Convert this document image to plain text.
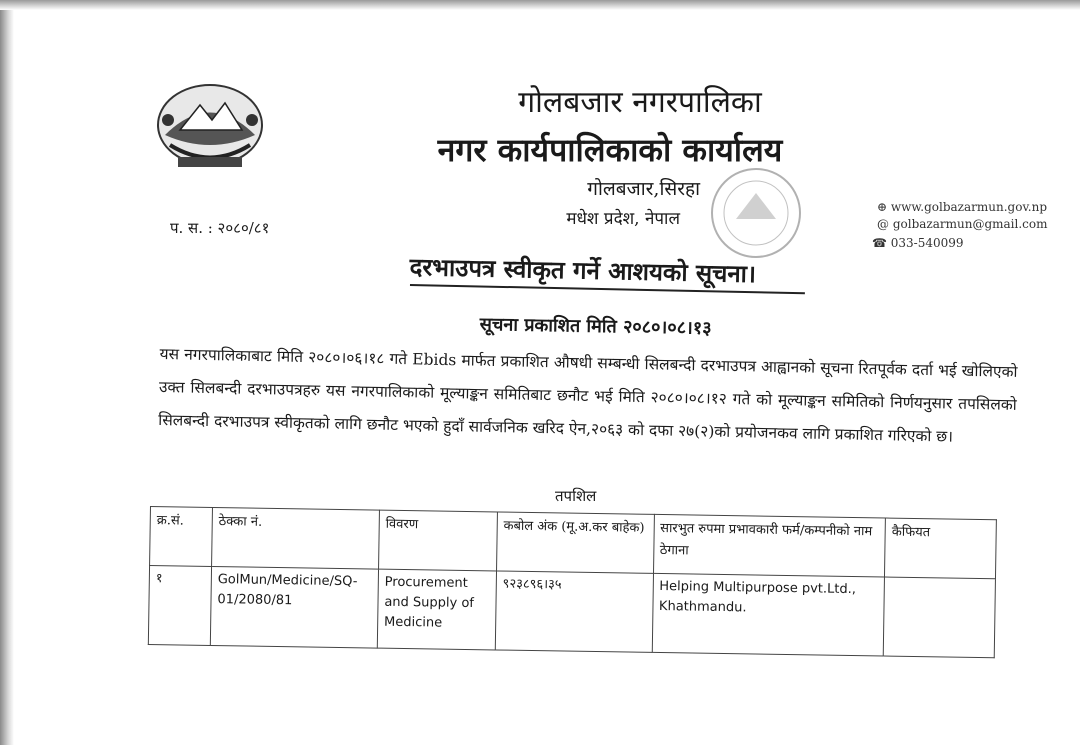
गोलबजार नगरपालिका
नगर कार्यपालिकाको कार्यालय
गोलबजार,सिरहा
मधेश प्रदेश, नेपाल
⊕ www.golbazarmun.gov.np
@ golbazarmun@gmail.com
☎ 033-540099
प. स. : २०८०/८१
दरभाउपत्र स्वीकृत गर्ने आशयको सूचना।
सूचना प्रकाशित मिति २०८०।०८।१३
यस नगरपालिकाबाट मिति २०८०।०६।१८ गते Ebids मार्फत प्रकाशित औषधी सम्बन्धी सिलबन्दी दरभाउपत्र आह्वानको सूचना रितपूर्वक दर्ता भई खोलिएको उक्त सिलबन्दी दरभाउपत्रहरु यस नगरपालिकाको मूल्याङ्कन समितिबाट छनौट भई मिति २०८०।०८।१२ गते को मूल्याङ्कन समितिको निर्णयनुसार तपसिलको सिलबन्दी दरभाउपत्र स्वीकृतको लागि छनौट भएको हुदाँ सार्वजनिक खरिद ऐन,२०६३ को दफा २७(२)को प्रयोजनकव लागि प्रकाशित गरिएको छ।
तपशिल
क्र.सं.	ठेक्का नं.	विवरण	कबोल अंक (मू.अ.कर बाहेक)	सारभुत रुपमा प्रभावकारी फर्म/कम्पनीको नाम ठेगाना	कैफियत
१	GolMun/Medicine/SQ-01/2080/81	Procurement and Supply of Medicine	९२३८९६।३५	Helping Multipurpose pvt.Ltd., Khathmandu.	
